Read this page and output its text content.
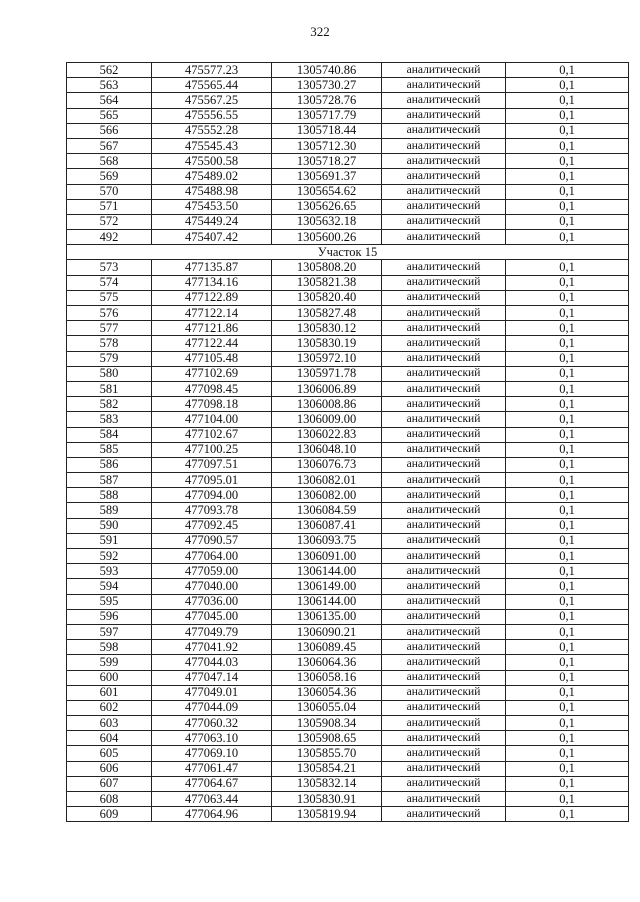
322
562	475577.23	1305740.86	аналитический	0,1
563	475565.44	1305730.27	аналитический	0,1
564	475567.25	1305728.76	аналитический	0,1
565	475556.55	1305717.79	аналитический	0,1
566	475552.28	1305718.44	аналитический	0,1
567	475545.43	1305712.30	аналитический	0,1
568	475500.58	1305718.27	аналитический	0,1
569	475489.02	1305691.37	аналитический	0,1
570	475488.98	1305654.62	аналитический	0,1
571	475453.50	1305626.65	аналитический	0,1
572	475449.24	1305632.18	аналитический	0,1
492	475407.42	1305600.26	аналитический	0,1
Участок 15				
573	477135.87	1305808.20	аналитический	0,1
574	477134.16	1305821.38	аналитический	0,1
575	477122.89	1305820.40	аналитический	0,1
576	477122.14	1305827.48	аналитический	0,1
577	477121.86	1305830.12	аналитический	0,1
578	477122.44	1305830.19	аналитический	0,1
579	477105.48	1305972.10	аналитический	0,1
580	477102.69	1305971.78	аналитический	0,1
581	477098.45	1306006.89	аналитический	0,1
582	477098.18	1306008.86	аналитический	0,1
583	477104.00	1306009.00	аналитический	0,1
584	477102.67	1306022.83	аналитический	0,1
585	477100.25	1306048.10	аналитический	0,1
586	477097.51	1306076.73	аналитический	0,1
587	477095.01	1306082.01	аналитический	0,1
588	477094.00	1306082.00	аналитический	0,1
589	477093.78	1306084.59	аналитический	0,1
590	477092.45	1306087.41	аналитический	0,1
591	477090.57	1306093.75	аналитический	0,1
592	477064.00	1306091.00	аналитический	0,1
593	477059.00	1306144.00	аналитический	0,1
594	477040.00	1306149.00	аналитический	0,1
595	477036.00	1306144.00	аналитический	0,1
596	477045.00	1306135.00	аналитический	0,1
597	477049.79	1306090.21	аналитический	0,1
598	477041.92	1306089.45	аналитический	0,1
599	477044.03	1306064.36	аналитический	0,1
600	477047.14	1306058.16	аналитический	0,1
601	477049.01	1306054.36	аналитический	0,1
602	477044.09	1306055.04	аналитический	0,1
603	477060.32	1305908.34	аналитический	0,1
604	477063.10	1305908.65	аналитический	0,1
605	477069.10	1305855.70	аналитический	0,1
606	477061.47	1305854.21	аналитический	0,1
607	477064.67	1305832.14	аналитический	0,1
608	477063.44	1305830.91	аналитический	0,1
609	477064.96	1305819.94	аналитический	0,1
